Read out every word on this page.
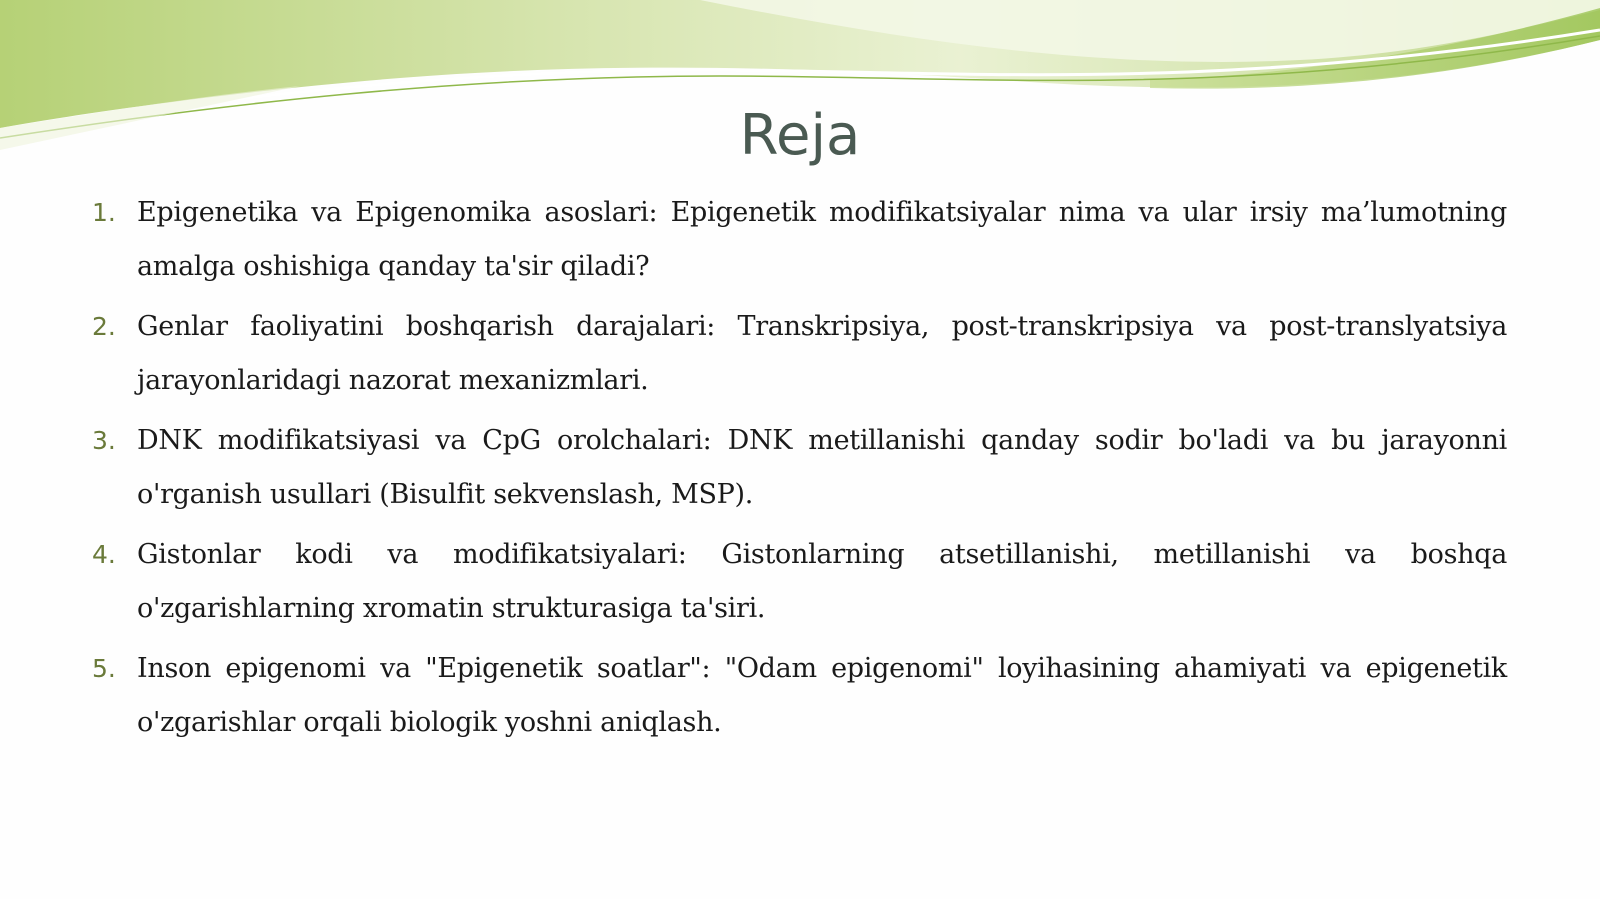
Reja
1. Epigenetika va Epigenomika asoslari: Epigenetik modifikatsiyalar nima va ular irsiy ma’lumotning amalga oshishiga qanday ta'sir qiladi?
2. Genlar faoliyatini boshqarish darajalari: Transkripsiya, post-transkripsiya va post-translyatsiya jarayonlaridagi nazorat mexanizmlari.
3. DNK modifikatsiyasi va CpG orolchalari: DNK metillanishi qanday sodir bo'ladi va bu jarayonni o'rganish usullari (Bisulfit sekvenslash, MSP).
4. Gistonlar kodi va modifikatsiyalari: Gistonlarning atsetillanishi, metillanishi va boshqa o'zgarishlarning xromatin strukturasiga ta'siri.
5. Inson epigenomi va "Epigenetik soatlar": "Odam epigenomi" loyihasining ahamiyati va epigenetik o'zgarishlar orqali biologik yoshni aniqlash.
